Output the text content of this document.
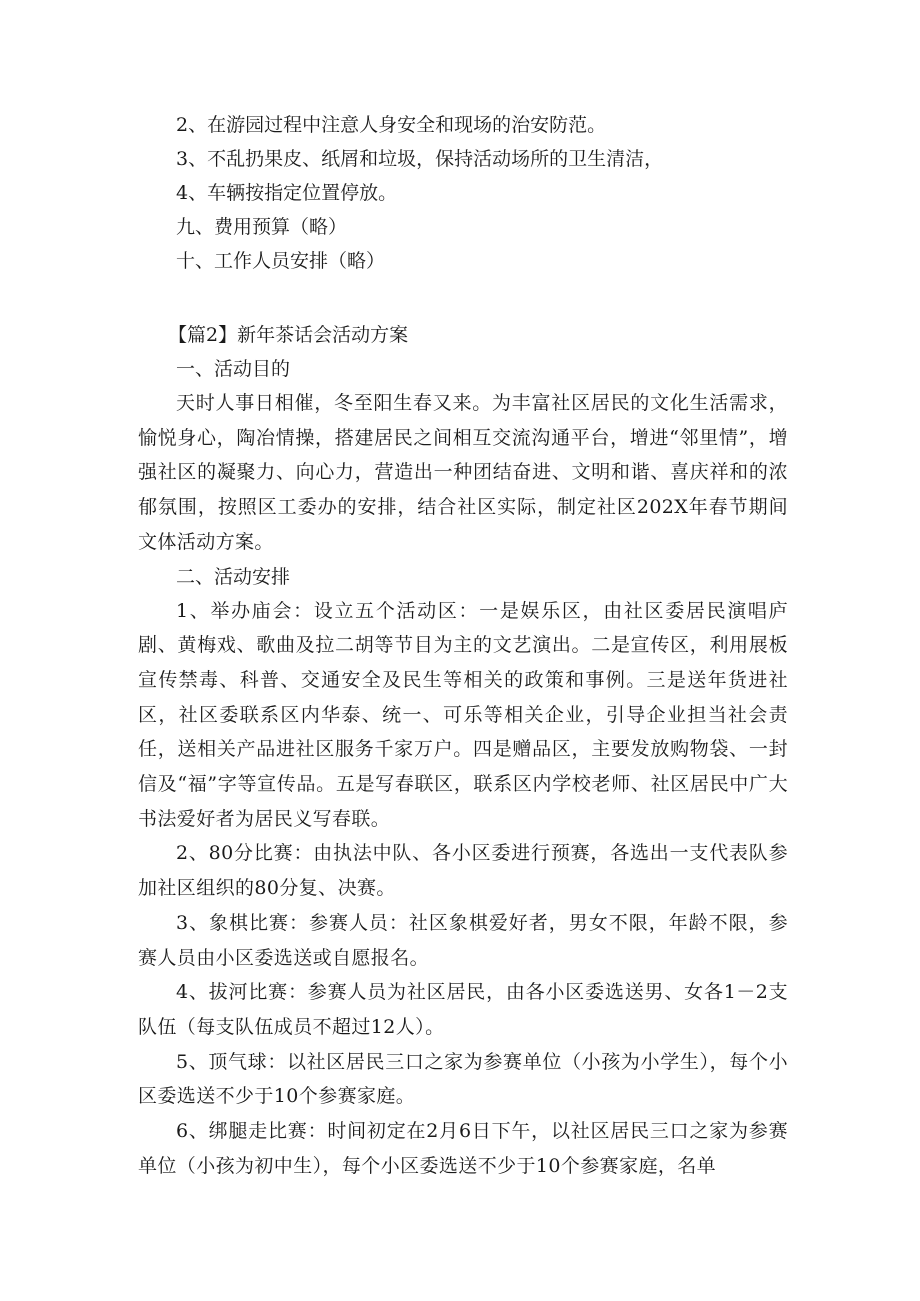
2、在游园过程中注意人身安全和现场的治安防范。

3、不乱扔果皮、纸屑和垃圾，保持活动场所的卫生清洁，

4、车辆按指定位置停放。

九、费用预算（略）

十、工作人员安排（略）

【篇2】新年茶话会活动方案

一、活动目的

天时人事日相催，冬至阳生春又来。为丰富社区居民的文化生活需求，愉悦身心，陶冶情操，搭建居民之间相互交流沟通平台，增进“邻里情”，增强社区的凝聚力、向心力，营造出一种团结奋进、文明和谐、喜庆祥和的浓郁氛围，按照区工委办的安排，结合社区实际，制定社区202X年春节期间文体活动方案。

二、活动安排

1、举办庙会：设立五个活动区：一是娱乐区，由社区委居民演唱庐剧、黄梅戏、歌曲及拉二胡等节目为主的文艺演出。二是宣传区，利用展板宣传禁毒、科普、交通安全及民生等相关的政策和事例。三是送年货进社区，社区委联系区内华泰、统一、可乐等相关企业，引导企业担当社会责任，送相关产品进社区服务千家万户。四是赠品区，主要发放购物袋、一封信及“福”字等宣传品。五是写春联区，联系区内学校老师、社区居民中广大书法爱好者为居民义写春联。

2、80分比赛：由执法中队、各小区委进行预赛，各选出一支代表队参加社区组织的80分复、决赛。

3、象棋比赛：参赛人员：社区象棋爱好者，男女不限，年龄不限，参赛人员由小区委选送或自愿报名。

4、拔河比赛：参赛人员为社区居民，由各小区委选送男、女各1－2支队伍（每支队伍成员不超过12人）。

5、顶气球：以社区居民三口之家为参赛单位（小孩为小学生），每个小区委选送不少于10个参赛家庭。

6、绑腿走比赛：时间初定在2月6日下午，以社区居民三口之家为参赛单位（小孩为初中生），每个小区委选送不少于10个参赛家庭，名单
